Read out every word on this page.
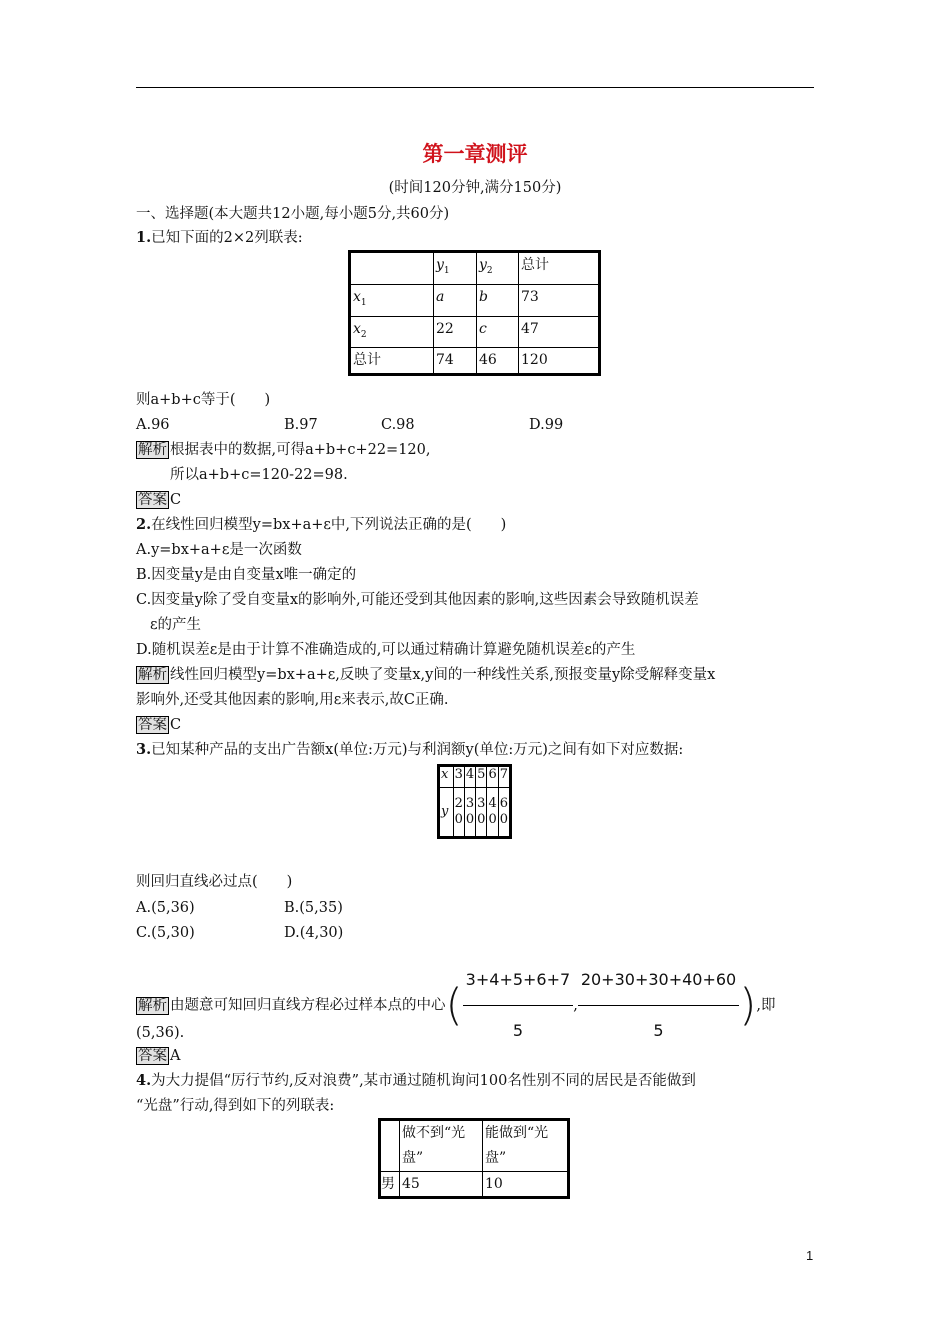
第一章测评
(时间120分钟,满分150分)
一、选择题(本大题共12小题,每小题5分,共60分)
1.已知下面的2×2列联表:
	$y_1$	$y_2$	总计
$x_1$	a	b	73
$x_2$	22	c	47
总计	74	46	120
则a+b+c等于(　　)
A.96	B.97	C.98	D.99
解析 根据表中的数据,可得a+b+c+22=120,
所以a+b+c=120-22=98.
答案 C
2.在线性回归模型y=bx+a+ε中,下列说法正确的是(　　)
A.y=bx+a+ε是一次函数
B.因变量y是由自变量x唯一确定的
C.因变量y除了受自变量x的影响外,可能还受到其他因素的影响,这些因素会导致随机误差
ε的产生
D.随机误差ε是由于计算不准确造成的,可以通过精确计算避免随机误差ε的产生
解析 线性回归模型y=bx+a+ε,反映了变量x,y间的一种线性关系,预报变量y除受解释变量x
影响外,还受其他因素的影响,用ε来表示,故C正确.
答案 C
3.已知某种产品的支出广告额x(单位:万元)与利润额y(单位:万元)之间有如下对应数据:
x	3	4	5	6	7
y	20	30	30	40	60
则回归直线必过点(　　)
A.(5,36)	B.(5,35)
C.(5,30)	D.(4,30)
解析 由题意可知回归直线方程必过样本点的中心( $\frac{3+4+5+6+7}{5}$ , $\frac{20+30+30+40+60}{5}$ ),即
(5,36).
答案 A
4.为大力提倡“厉行节约,反对浪费”,某市通过随机询问100名性别不同的居民是否能做到
“光盘”行动,得到如下的列联表:
	做不到“光盘”	能做到“光盘”
男	45	10
1
